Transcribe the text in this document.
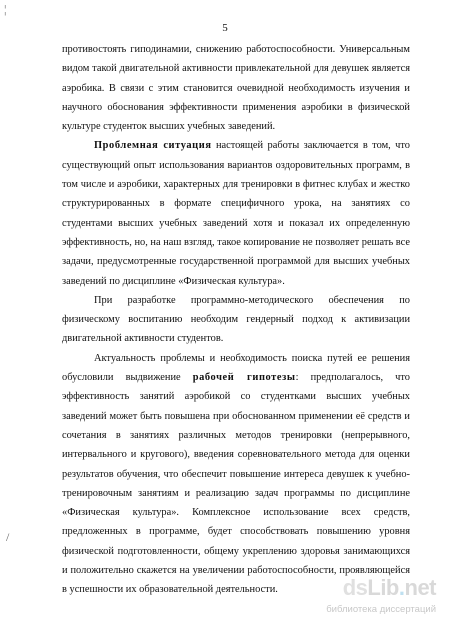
5

противостоять гиподинамии, снижению работоспособности. Универсальным видом такой двигательной активности привлекательной для девушек является аэробика. В связи с этим становится очевидной необходимость изучения и научного обоснования эффективности применения аэробики в физической культуре студенток высших учебных заведений.

Проблемная ситуация настоящей работы заключается в том, что существующий опыт использования вариантов оздоровительных программ, в том числе и аэробики, характерных для тренировки в фитнес клубах и жестко структурированных в формате специфичного урока, на занятиях со студентами высших учебных заведений хотя и показал их определенную эффективность, но, на наш взгляд, такое копирование не позволяет решать все задачи, предусмотренные государственной программой для высших учебных заведений по дисциплине «Физическая культура».

При разработке программно-методического обеспечения по физическому воспитанию необходим гендерный подход к активизации двигательной активности студентов.

Актуальность проблемы и необходимость поиска путей ее решения обусловили выдвижение рабочей гипотезы: предполагалось, что эффективность занятий аэробикой со студентками высших учебных заведений может быть повышена при обоснованном применении её средств и сочетания в занятиях различных методов тренировки (непрерывного, интервального и кругового), введения соревновательного метода для оценки результатов обучения, что обеспечит повышение интереса девушек к учебно-тренировочным занятиям и реализацию задач программы по дисциплине «Физическая культура». Комплексное использование всех средств, предложенных в программе, будет способствовать повышению уровня физической подготовленности, общему укреплению здоровья занимающихся и положительно скажется на увеличении работоспособности, проявляющейся в успешности их образовательной деятельности.

¦
/
dsLib.net
библиотека диссертаций
